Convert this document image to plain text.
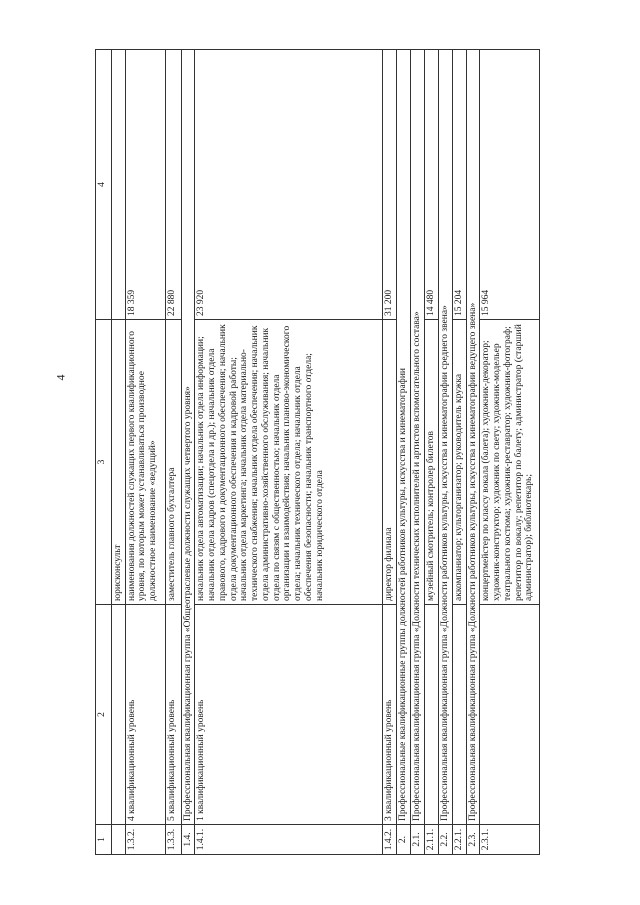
4
1	2	3	4
		юрисконсульт	
1.3.2.	4 квалификационный уровень	наименования должностей служащих первого квалификационного уровня, по которым может устанавливаться производное должностное наименование «ведущий»	18 359
1.3.3.	5 квалификационный уровень	заместитель главного бухгалтера	22 880
1.4.	Профессиональная квалификационная группа «Общеотраслевые должности служащих четвертого уровня»		
1.4.1.	1 квалификационный уровень	начальник отдела автоматизации; начальник отдела информации; начальник отдела кадров (спецотдела и др.); начальник отдела правового, кадрового и документационного обеспечения; начальник отдела документационного обеспечения и кадровой работы; начальник отдела маркетинга; начальник отдела материально-технического снабжения; начальник отдела обеспечения; начальник отдела административно-хозяйственного обслуживания; начальник отдела по связям с общественностью; начальник отдела организации и взаимодействия; начальник планово-экономического отдела; начальник технического отдела; начальник отдела обеспечения безопасности; начальник транспортного отдела; начальник юридического отдела	23 920
1.4.2.	3 квалификационный уровень	директор филиала	31 200
2.	Профессиональные квалификационные группы должностей работников культуры, искусства и кинематографии		
2.1.	Профессиональная квалификационная группа «Должности технических исполнителей и артистов вспомогательного состава»		
2.1.1.		музейный смотритель; контролер билетов	14 480
2.2.	Профессиональная квалификационная группа «Должности работников культуры, искусства и кинематографии среднего звена»		
2.2.1.		аккомпаниатор; культорганизатор; руководитель кружка	15 204
2.3.	Профессиональная квалификационная группа «Должности работников культуры, искусства и кинематографии ведущего звена»		
2.3.1.		концертмейстер по классу вокала (балета); художник-декоратор; художник-конструктор; художник по свету; художник-модельер театрального костюма; художник-реставратор; художник-фотограф; репетитор по вокалу; репетитор по балету; администратор (старший администратор); библиотекарь;	15 964
